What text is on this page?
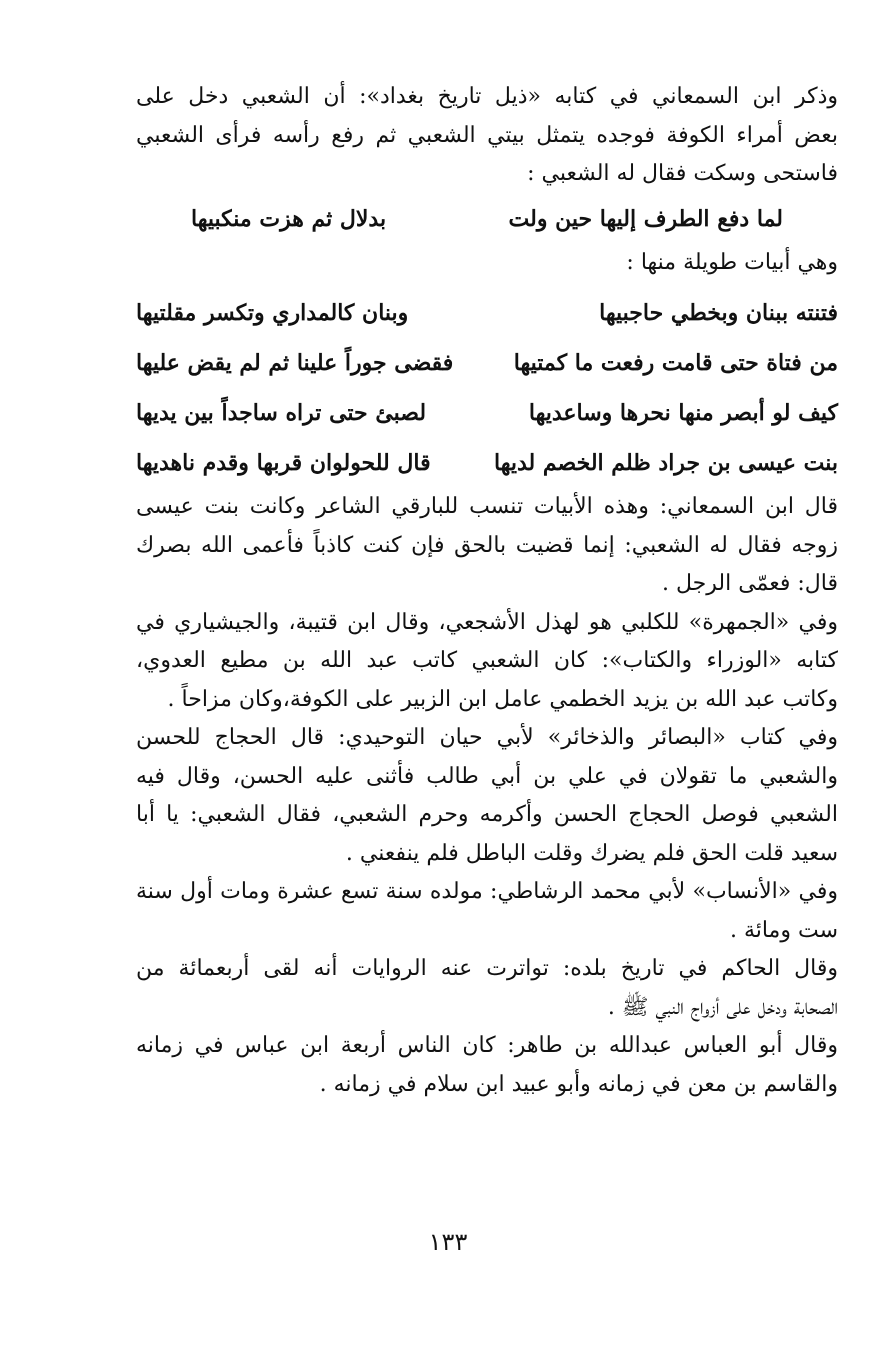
وذكر ابن السمعاني في كتابه «ذيل تاريخ بغداد»: أن الشعبي دخل على
بعض أمراء الكوفة فوجده يتمثل بيتي الشعبي ثم رفع رأسه فرأى الشعبي
فاستحى وسكت فقال له الشعبي :
لما دفع الطرف إليها حين ولت
بدلال ثم هزت منكبيها
وهي أبيات طويلة منها :
فتنته ببنان وبخطي حاجبيها
وبنان كالمداري وتكسر مقلتيها
من فتاة حتى قامت رفعت ما كمتيها
فقضى جوراً علينا ثم لم يقض عليها
كيف لو أبصر منها نحرها وساعديها
لصبئ حتى تراه ساجداً بين يديها
بنت عيسى بن جراد ظلم الخصم لديها
قال للحولوان قربها وقدم ناهديها
قال ابن السمعاني: وهذه الأبيات تنسب للبارقي الشاعر وكانت بنت عيسى
زوجه فقال له الشعبي: إنما قضيت بالحق فإن كنت كاذباً فأعمى الله بصرك
قال: فعمّى الرجل .
وفي «الجمهرة» للكلبي هو لهذل الأشجعي، وقال ابن قتيبة، والجيشياري في
كتابه «الوزراء والكتاب»: كان الشعبي كاتب عبد الله بن مطيع العدوي،
وكاتب عبد الله بن يزيد الخطمي عامل ابن الزبير على الكوفة،وكان مزاحاً .
وفي كتاب «البصائر والذخائر» لأبي حيان التوحيدي: قال الحجاج للحسن
والشعبي ما تقولان في علي بن أبي طالب فأثنى عليه الحسن، وقال فيه
الشعبي فوصل الحجاج الحسن وأكرمه وحرم الشعبي، فقال الشعبي: يا أبا
سعيد قلت الحق فلم يضرك وقلت الباطل فلم ينفعني .
وفي «الأنساب» لأبي محمد الرشاطي: مولده سنة تسع عشرة ومات أول سنة
ست ومائة .
وقال الحاكم في تاريخ بلده: تواترت عنه الروايات أنه لقى أربعمائة من
الصحابة ودخل على أزواج النبي ﷺ .
وقال أبو العباس عبدالله بن طاهر: كان الناس أربعة ابن عباس في زمانه
والقاسم بن معن في زمانه وأبو عبيد ابن سلام في زمانه .
١٣٣
